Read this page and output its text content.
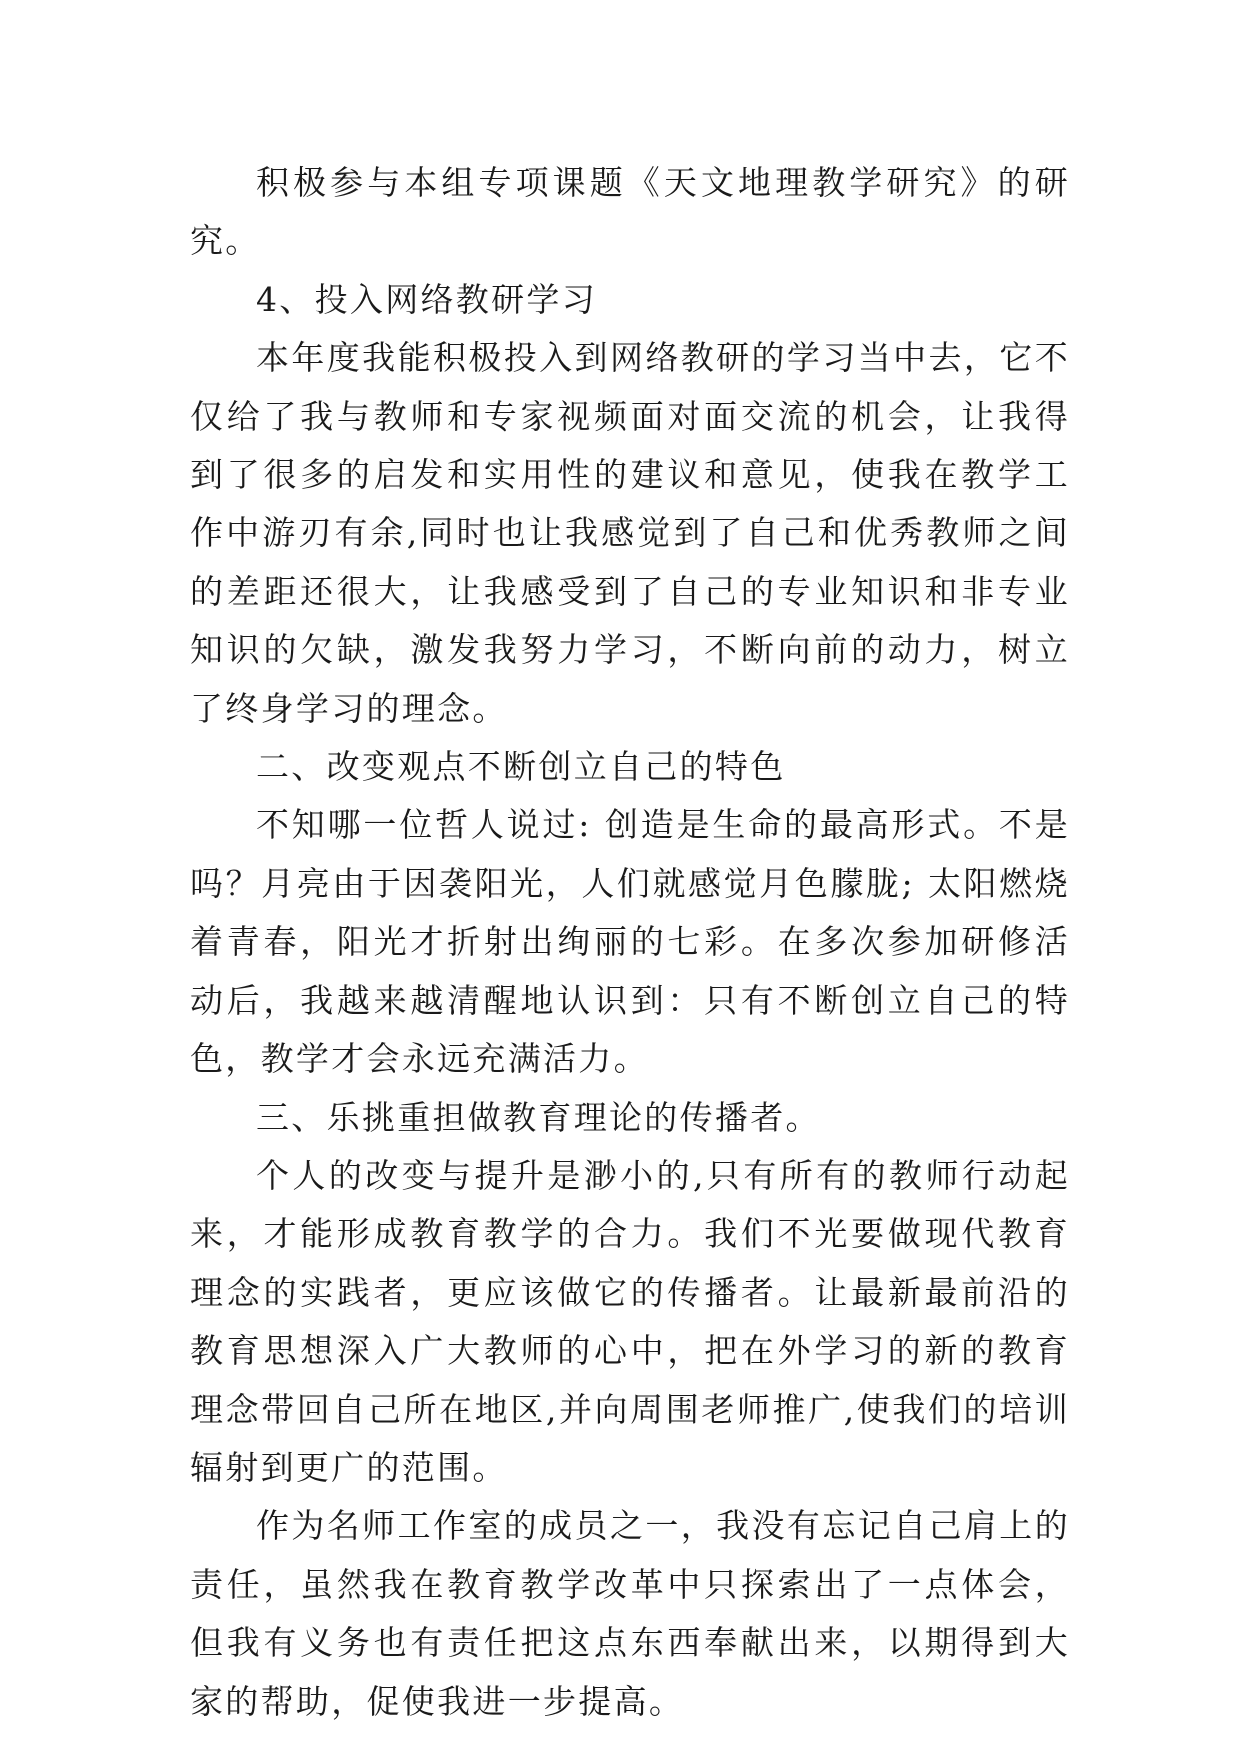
积极参与本组专项课题《天文地理教学研究》的研究。

4、投入网络教研学习

本年度我能积极投入到网络教研的学习当中去，它不仅给了我与教师和专家视频面对面交流的机会，让我得到了很多的启发和实用性的建议和意见，使我在教学工作中游刃有余,同时也让我感觉到了自己和优秀教师之间的差距还很大，让我感受到了自己的专业知识和非专业知识的欠缺，激发我努力学习，不断向前的动力，树立了终身学习的理念。

二、改变观点不断创立自己的特色

不知哪一位哲人说过: 创造是生命的最高形式。不是吗？月亮由于因袭阳光，人们就感觉月色朦胧; 太阳燃烧着青春，阳光才折射出绚丽的七彩。在多次参加研修活动后，我越来越清醒地认识到：只有不断创立自己的特色，教学才会永远充满活力。

三、乐挑重担做教育理论的传播者。

个人的改变与提升是渺小的,只有所有的教师行动起来，才能形成教育教学的合力。我们不光要做现代教育理念的实践者，更应该做它的传播者。让最新最前沿的教育思想深入广大教师的心中，把在外学习的新的教育理念带回自己所在地区,并向周围老师推广,使我们的培训辐射到更广的范围。

作为名师工作室的成员之一，我没有忘记自己肩上的责任，虽然我在教育教学改革中只探索出了一点体会，但我有义务也有责任把这点东西奉献出来，以期得到大家的帮助，促使我进一步提高。
